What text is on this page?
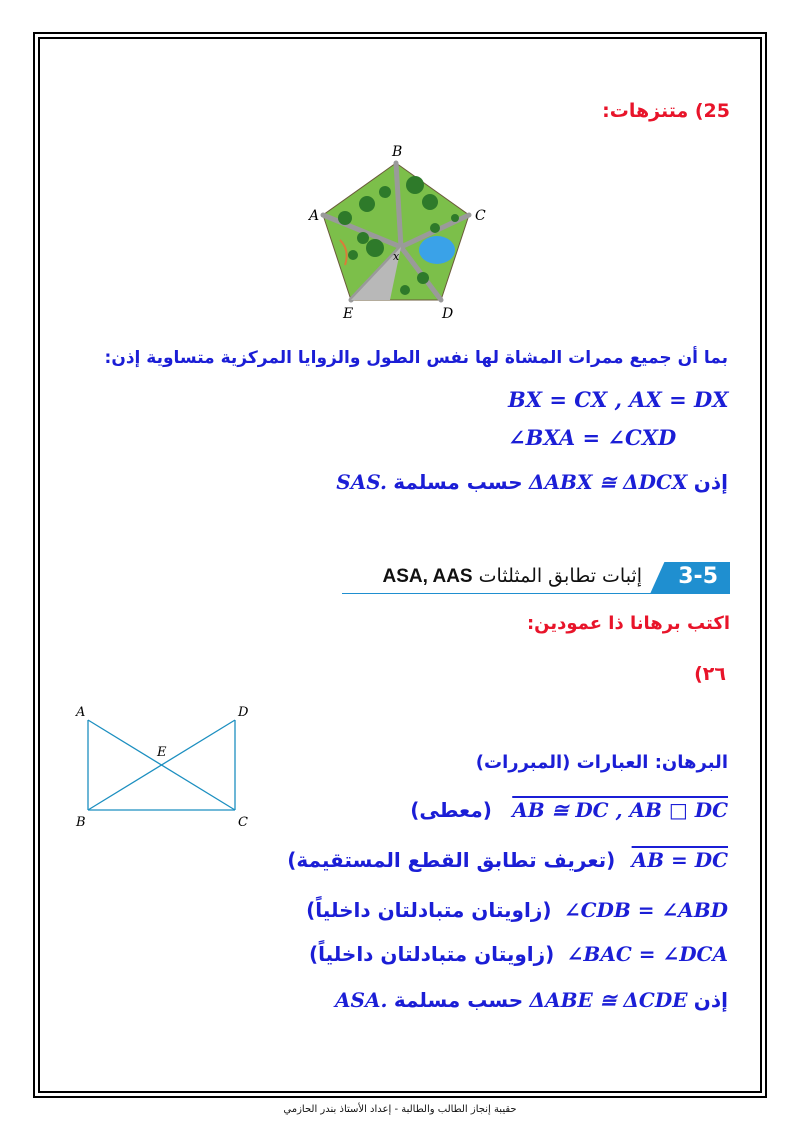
25) متنزهات:
B
C
A
D
E
x
بما أن جميع ممرات المشاة لها نفس الطول والزوايا المركزية متساوية إذن:
BX = CX , AX = DX
∠BXA = ∠CXD
إذن ΔABX ≅ ΔDCX حسب مسلمة SAS.
3-5
إثبات تطابق المثلثات ASA, AAS
اكتب برهانا ذا عمودين:
(٢٦
A	D
E
B	C
البرهان: العبارات (المبررات)
AB ≅ DC , AB □ DC (معطى)
AB = DC (تعريف تطابق القطع المستقيمة)
∠CDB = ∠ABD (زاويتان متبادلتان داخلياً)
∠BAC = ∠DCA (زاويتان متبادلتان داخلياً)
إذن ΔABE ≅ ΔCDE حسب مسلمة ASA.
حقيبة إنجاز الطالب والطالبة - إعداد الأستاذ بندر الحازمي
